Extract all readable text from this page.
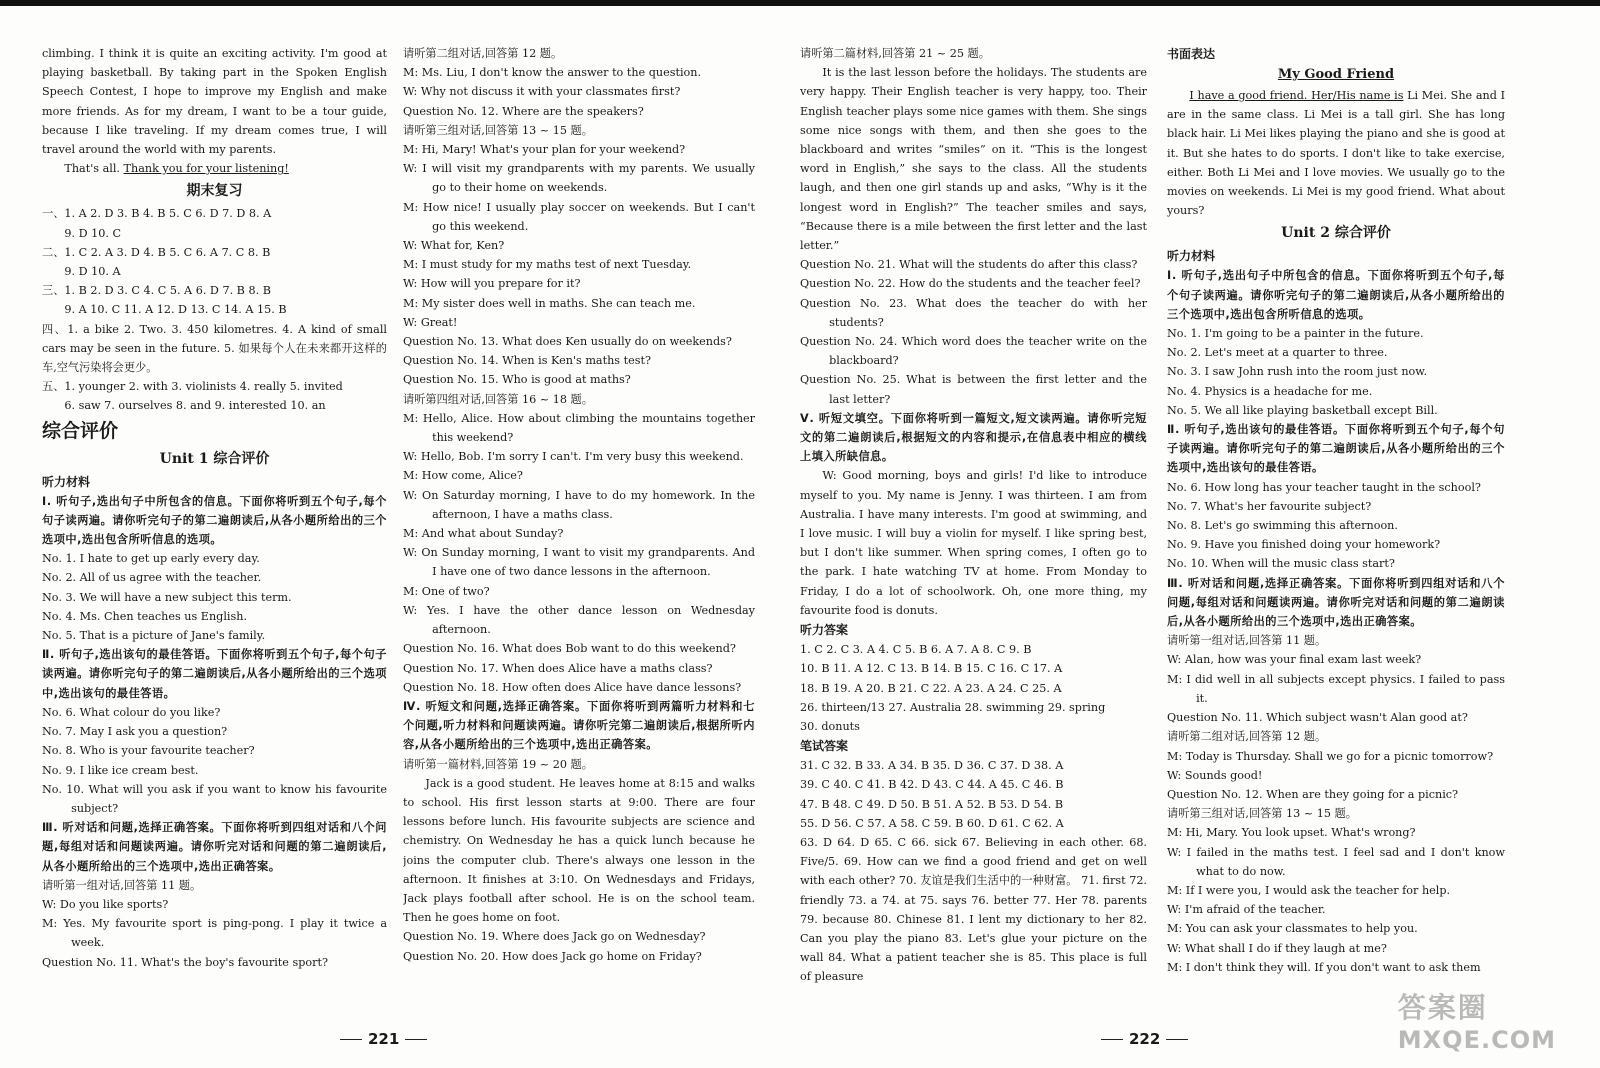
climbing. I think it is quite an exciting activity. I'm good at playing basketball. By taking part in the Spoken English Speech Contest, I hope to improve my English and make more friends. As for my dream, I want to be a tour guide, because I like traveling. If my dream comes true, I will travel around the world with my parents.

That's all. Thank you for your listening!

期末复习

一、1. A 2. D 3. B 4. B 5. C 6. D 7. D 8. A

9. D 10. C

二、1. C 2. A 3. D 4. B 5. C 6. A 7. C 8. B

9. D 10. A

三、1. B 2. D 3. C 4. C 5. A 6. D 7. B 8. B

9. A 10. C 11. A 12. D 13. C 14. A 15. B

四、1. a bike 2. Two. 3. 450 kilometres. 4. A kind of small cars may be seen in the future. 5. 如果每个人在未来都开这样的车,空气污染将会更少。

五、1. younger 2. with 3. violinists 4. really 5. invited

6. saw 7. ourselves 8. and 9. interested 10. an

综合评价
Unit 1 综合评价
听力材料

Ⅰ. 听句子,选出句子中所包含的信息。下面你将听到五个句子,每个句子读两遍。请你听完句子的第二遍朗读后,从各小题所给出的三个选项中,选出包含所听信息的选项。

No. 1. I hate to get up early every day.

No. 2. All of us agree with the teacher.

No. 3. We will have a new subject this term.

No. 4. Ms. Chen teaches us English.

No. 5. That is a picture of Jane's family.

Ⅱ. 听句子,选出该句的最佳答语。下面你将听到五个句子,每个句子读两遍。请你听完句子的第二遍朗读后,从各小题所给出的三个选项中,选出该句的最佳答语。

No. 6. What colour do you like?

No. 7. May I ask you a question?

No. 8. Who is your favourite teacher?

No. 9. I like ice cream best.

No. 10. What will you ask if you want to know his favourite subject?

Ⅲ. 听对话和问题,选择正确答案。下面你将听到四组对话和八个问题,每组对话和问题读两遍。请你听完对话和问题的第二遍朗读后,从各小题所给出的三个选项中,选出正确答案。

请听第一组对话,回答第 11 题。

W: Do you like sports?

M: Yes. My favourite sport is ping-pong. I play it twice a week.

Question No. 11. What's the boy's favourite sport?

请听第二组对话,回答第 12 题。

M: Ms. Liu, I don't know the answer to the question.

W: Why not discuss it with your classmates first?

Question No. 12. Where are the speakers?

请听第三组对话,回答第 13 ~ 15 题。

M: Hi, Mary! What's your plan for your weekend?

W: I will visit my grandparents with my parents. We usually go to their home on weekends.

M: How nice! I usually play soccer on weekends. But I can't go this weekend.

W: What for, Ken?

M: I must study for my maths test of next Tuesday.

W: How will you prepare for it?

M: My sister does well in maths. She can teach me.

W: Great!

Question No. 13. What does Ken usually do on weekends?

Question No. 14. When is Ken's maths test?

Question No. 15. Who is good at maths?

请听第四组对话,回答第 16 ~ 18 题。

M: Hello, Alice. How about climbing the mountains together this weekend?

W: Hello, Bob. I'm sorry I can't. I'm very busy this weekend.

M: How come, Alice?

W: On Saturday morning, I have to do my homework. In the afternoon, I have a maths class.

M: And what about Sunday?

W: On Sunday morning, I want to visit my grandparents. And I have one of two dance lessons in the afternoon.

M: One of two?

W: Yes. I have the other dance lesson on Wednesday afternoon.

Question No. 16. What does Bob want to do this weekend?

Question No. 17. When does Alice have a maths class?

Question No. 18. How often does Alice have dance lessons?

Ⅳ. 听短文和问题,选择正确答案。下面你将听到两篇听力材料和七个问题,听力材料和问题读两遍。请你听完第二遍朗读后,根据所听内容,从各小题所给出的三个选项中,选出正确答案。

请听第一篇材料,回答第 19 ~ 20 题。

Jack is a good student. He leaves home at 8:15 and walks to school. His first lesson starts at 9:00. There are four lessons before lunch. His favourite subjects are science and chemistry. On Wednesday he has a quick lunch because he joins the computer club. There's always one lesson in the afternoon. It finishes at 3:10. On Wednesdays and Fridays, Jack plays football after school. He is on the school team. Then he goes home on foot.

Question No. 19. Where does Jack go on Wednesday?

Question No. 20. How does Jack go home on Friday?

请听第二篇材料,回答第 21 ~ 25 题。

It is the last lesson before the holidays. The students are very happy. Their English teacher is very happy, too. Their English teacher plays some nice games with them. She sings some nice songs with them, and then she goes to the blackboard and writes “smiles” on it. “This is the longest word in English,” she says to the class. All the students laugh, and then one girl stands up and asks, “Why is it the longest word in English?” The teacher smiles and says, “Because there is a mile between the first letter and the last letter.”

Question No. 21. What will the students do after this class?

Question No. 22. How do the students and the teacher feel?

Question No. 23. What does the teacher do with her students?

Question No. 24. Which word does the teacher write on the blackboard?

Question No. 25. What is between the first letter and the last letter?

Ⅴ. 听短文填空。下面你将听到一篇短文,短文读两遍。请你听完短文的第二遍朗读后,根据短文的内容和提示,在信息表中相应的横线上填入所缺信息。

W: Good morning, boys and girls! I'd like to introduce myself to you. My name is Jenny. I was thirteen. I am from Australia. I have many interests. I'm good at swimming, and I love music. I will buy a violin for myself. I like spring best, but I don't like summer. When spring comes, I often go to the park. I hate watching TV at home. From Monday to Friday, I do a lot of schoolwork. Oh, one more thing, my favourite food is donuts.

听力答案

1. C 2. C 3. A 4. C 5. B 6. A 7. A 8. C 9. B

10. B 11. A 12. C 13. B 14. B 15. C 16. C 17. A

18. B 19. A 20. B 21. C 22. A 23. A 24. C 25. A

26. thirteen/13 27. Australia 28. swimming 29. spring

30. donuts

笔试答案

31. C 32. B 33. A 34. B 35. D 36. C 37. D 38. A

39. C 40. C 41. B 42. D 43. C 44. A 45. C 46. B

47. B 48. C 49. D 50. B 51. A 52. B 53. D 54. B

55. D 56. C 57. A 58. C 59. B 60. D 61. C 62. A

63. D 64. D 65. C 66. sick 67. Believing in each other. 68. Five/5. 69. How can we find a good friend and get on well with each other? 70. 友谊是我们生活中的一种财富。 71. first 72. friendly 73. a 74. at 75. says 76. better 77. Her 78. parents 79. because 80. Chinese 81. I lent my dictionary to her 82. Can you play the piano 83. Let's glue your picture on the wall 84. What a patient teacher she is 85. This place is full of pleasure

书面表达
My Good Friend

I have a good friend. Her/His name is Li Mei. She and I are in the same class. Li Mei is a tall girl. She has long black hair. Li Mei likes playing the piano and she is good at it. But she hates to do sports. I don't like to take exercise, either. Both Li Mei and I love movies. We usually go to the movies on weekends. Li Mei is my good friend. What about yours?

Unit 2 综合评价
听力材料

Ⅰ. 听句子,选出句子中所包含的信息。下面你将听到五个句子,每个句子读两遍。请你听完句子的第二遍朗读后,从各小题所给出的三个选项中,选出包含所听信息的选项。

No. 1. I'm going to be a painter in the future.

No. 2. Let's meet at a quarter to three.

No. 3. I saw John rush into the room just now.

No. 4. Physics is a headache for me.

No. 5. We all like playing basketball except Bill.

Ⅱ. 听句子,选出该句的最佳答语。下面你将听到五个句子,每个句子读两遍。请你听完句子的第二遍朗读后,从各小题所给出的三个选项中,选出该句的最佳答语。

No. 6. How long has your teacher taught in the school?

No. 7. What's her favourite subject?

No. 8. Let's go swimming this afternoon.

No. 9. Have you finished doing your homework?

No. 10. When will the music class start?

Ⅲ. 听对话和问题,选择正确答案。下面你将听到四组对话和八个问题,每组对话和问题读两遍。请你听完对话和问题的第二遍朗读后,从各小题所给出的三个选项中,选出正确答案。

请听第一组对话,回答第 11 题。

W: Alan, how was your final exam last week?

M: I did well in all subjects except physics. I failed to pass it.

Question No. 11. Which subject wasn't Alan good at?

请听第二组对话,回答第 12 题。

M: Today is Thursday. Shall we go for a picnic tomorrow?

W: Sounds good!

Question No. 12. When are they going for a picnic?

请听第三组对话,回答第 13 ~ 15 题。

M: Hi, Mary. You look upset. What's wrong?

W: I failed in the maths test. I feel sad and I don't know what to do now.

M: If I were you, I would ask the teacher for help.

W: I'm afraid of the teacher.

M: You can ask your classmates to help you.

W: What shall I do if they laugh at me?

M: I don't think they will. If you don't want to ask them

221	222
答案圈
MXQE.COM
